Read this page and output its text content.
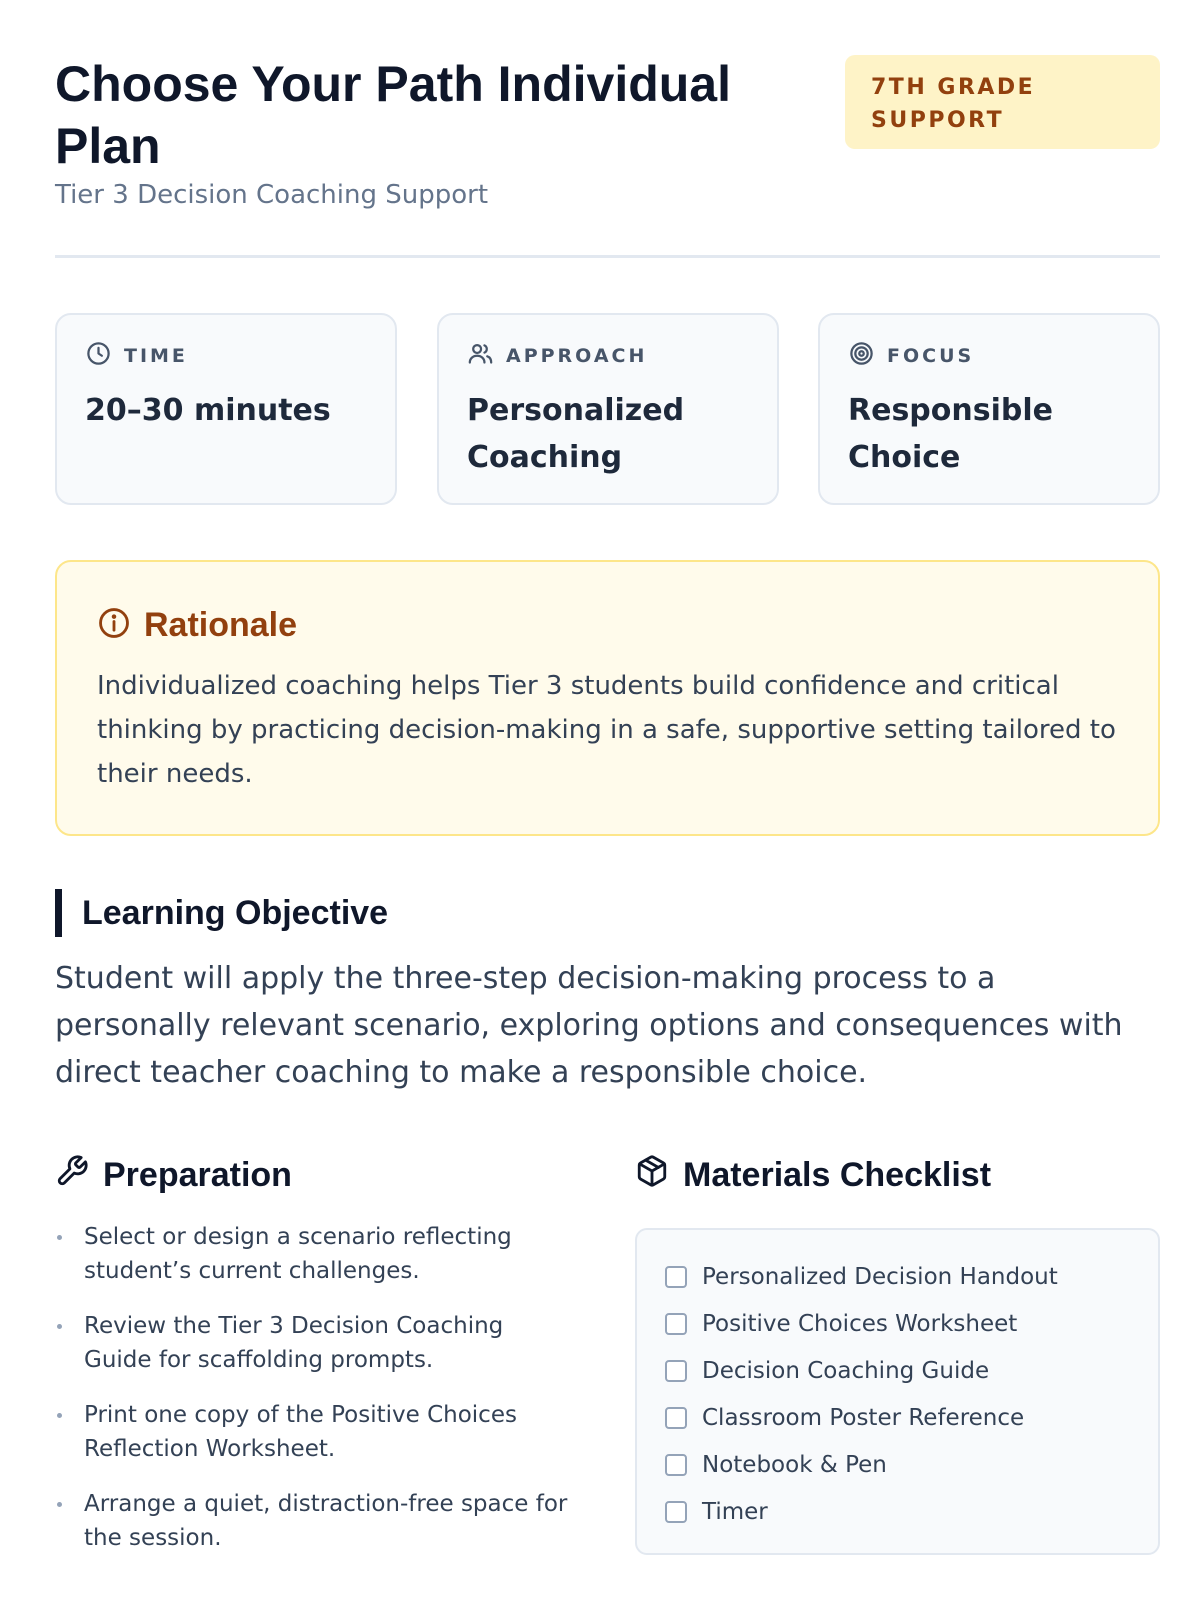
Choose Your Path Individual Plan
Tier 3 Decision Coaching Support
7TH GRADE SUPPORT
TIME
20–30 minutes
APPROACH
Personalized Coaching
FOCUS
Responsible Choice
Rationale

Individualized coaching helps Tier 3 students build confidence and critical thinking by practicing decision-making in a safe, supportive setting tailored to their needs.

Learning Objective

Student will apply the three-step decision-making process to a personally relevant scenario, exploring options and consequences with direct teacher coaching to make a responsible choice.

Preparation
Select or design a scenario reflecting student’s current challenges.
Review the Tier 3 Decision Coaching Guide for scaffolding prompts.
Print one copy of the Positive Choices Reflection Worksheet.
Arrange a quiet, distraction-free space for the session.
Materials Checklist
Personalized Decision Handout
Positive Choices Worksheet
Decision Coaching Guide
Classroom Poster Reference
Notebook & Pen
Timer
